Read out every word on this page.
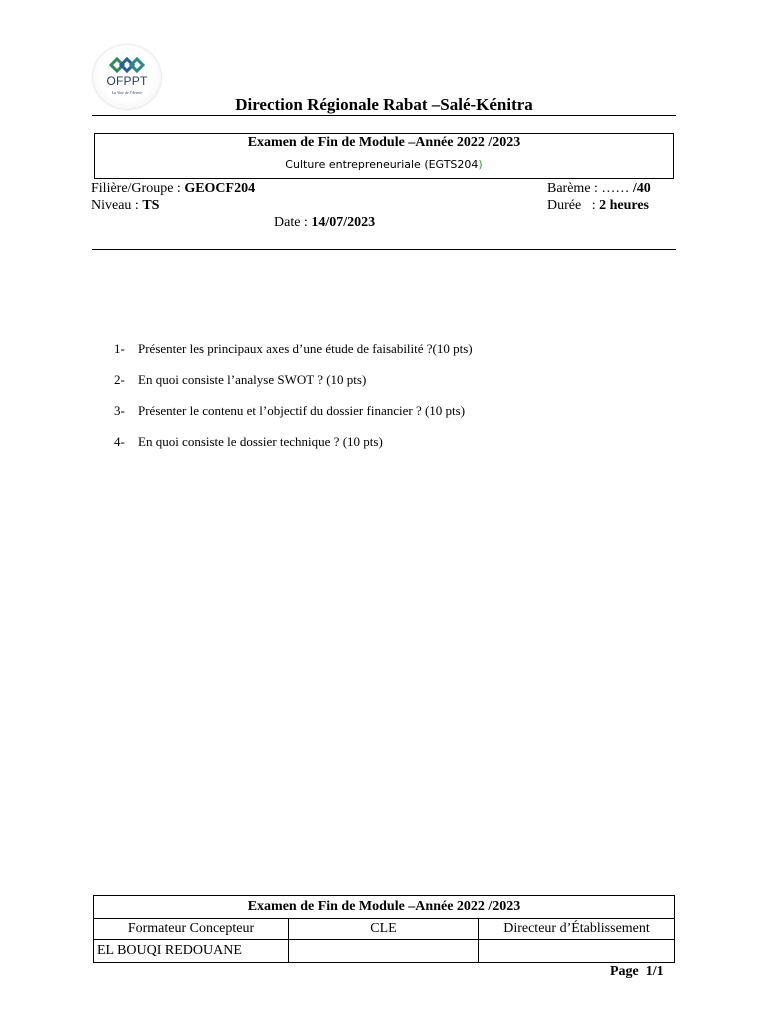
OFPPT
La Voie de l'Avenir
Direction Régionale Rabat –Salé-Kénitra
Examen de Fin de Module –Année 2022 /2023
Culture entrepreneuriale (EGTS204)
Filière/Groupe : GEOCF204
Niveau : TS
Date : 14/07/2023
Barème : …… /40
Durée   : 2 heures
1- Présenter les principaux axes d’une étude de faisabilité ?(10 pts)
2- En quoi consiste l’analyse SWOT ? (10 pts)
3- Présenter le contenu et l’objectif du dossier financier ? (10 pts)
4- En quoi consiste le dossier technique ? (10 pts)
Examen de Fin de Module –Année 2022 /2023		
Formateur Concepteur	CLE	Directeur d’Établissement
EL BOUQI REDOUANE		
Page  1/1
